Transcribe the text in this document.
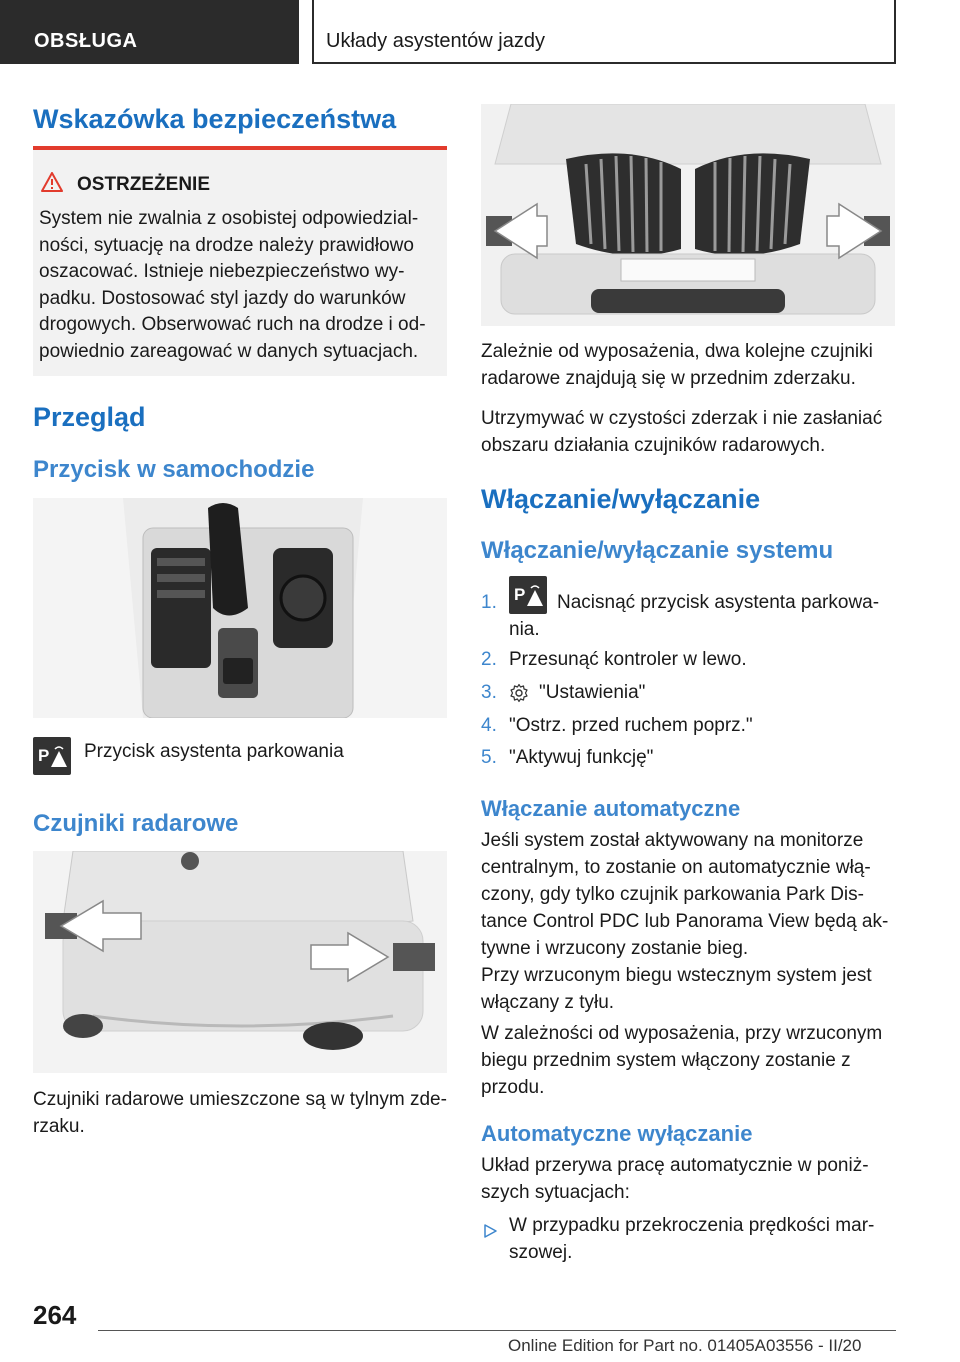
OBSŁUGA	Układy asystentów jazdy
Wskazówka bezpieczeństwa
OSTRZEŻENIE
System nie zwalnia z osobistej odpowiedzialności, sytuację na drodze należy prawidłowo oszacować. Istnieje niebezpieczeństwo wypadku. Dostosować styl jazdy do warunków drogowych. Obserwować ruch na drodze i odpowiednio zareagować w danych sytuacjach.
Przegląd
Przycisk w samochodzie
P Przycisk asystenta parkowania
Czujniki radarowe
Czujniki radarowe umieszczone są w tylnym zderzaku.
Zależnie od wyposażenia, dwa kolejne czujniki radarowe znajdują się w przednim zderzaku.
Utrzymywać w czystości zderzak i nie zasłaniać obszaru działania czujników radarowych.
Włączanie/wyłączanie
Włączanie/wyłączanie systemu
1. P	Nacisnąć przycisk asystenta parkowania.
2. Przesunąć kontroler w lewo.
3. "Ustawienia"
4. "Ostrz. przed ruchem poprz."
5. "Aktywuj funkcję"
Włączanie automatyczne
Jeśli system został aktywowany na monitorze centralnym, to zostanie on automatycznie włączony, gdy tylko czujnik parkowania Park Distance Control PDC lub Panorama View będą aktywne i wrzucony zostanie bieg.
Przy wrzuconym biegu wstecznym system jest włączany z tyłu.
W zależności od wyposażenia, przy wrzuconym biegu przednim system włączony zostanie z przodu.
Automatyczne wyłączanie
Układ przerywa pracę automatycznie w poniższych sytuacjach:
W przypadku przekroczenia prędkości marszowej.
264
Online Edition for Part no. 01405A03556 - II/20
